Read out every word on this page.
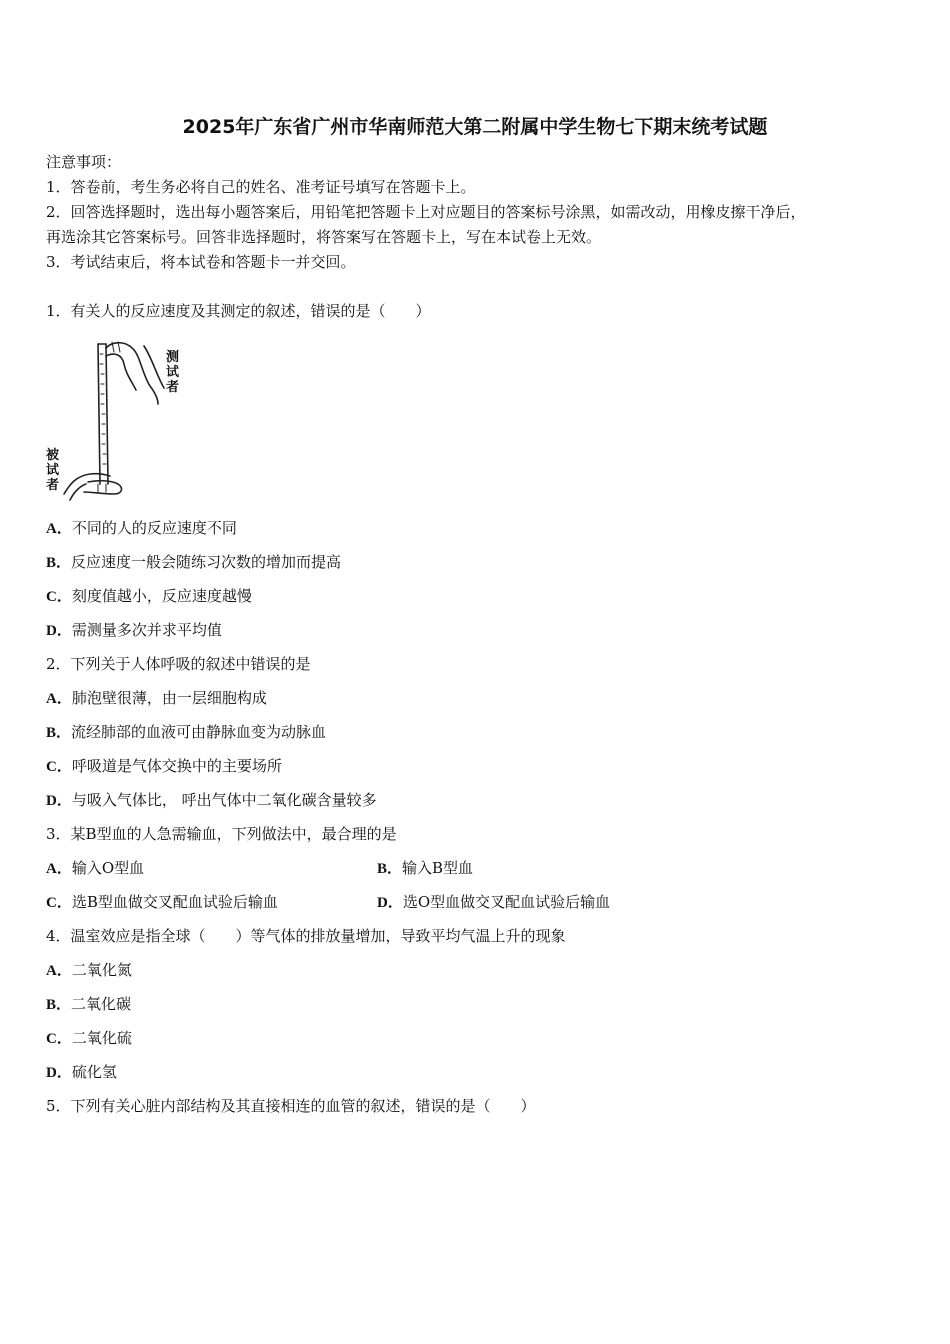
2025年广东省广州市华南师范大第二附属中学生物七下期末统考试题
注意事项：
1．答卷前，考生务必将自己的姓名、准考证号填写在答题卡上。
2．回答选择题时，选出每小题答案后，用铅笔把答题卡上对应题目的答案标号涂黑，如需改动，用橡皮擦干净后，
再选涂其它答案标号。回答非选择题时，将答案写在答题卡上，写在本试卷上无效。
3．考试结束后，将本试卷和答题卡一并交回。
1．有关人的反应速度及其测定的叙述，错误的是（　　）
测试者
被试者
A．不同的人的反应速度不同
B．反应速度一般会随练习次数的增加而提高
C．刻度值越小，反应速度越慢
D．需测量多次并求平均值
2．下列关于人体呼吸的叙述中错误的是
A．肺泡壁很薄，由一层细胞构成
B．流经肺部的血液可由静脉血变为动脉血
C．呼吸道是气体交换中的主要场所
D．与吸入气体比， 呼出气体中二氧化碳含量较多
3．某B型血的人急需输血，下列做法中，最合理的是
A．输入O型血	B．输入B型血
C．选B型血做交叉配血试验后输血	D．选O型血做交叉配血试验后输血
4．温室效应是指全球（　　）等气体的排放量增加，导致平均气温上升的现象
A．二氧化氮
B．二氧化碳
C．二氧化硫
D．硫化氢
5．下列有关心脏内部结构及其直接相连的血管的叙述，错误的是（　　）
